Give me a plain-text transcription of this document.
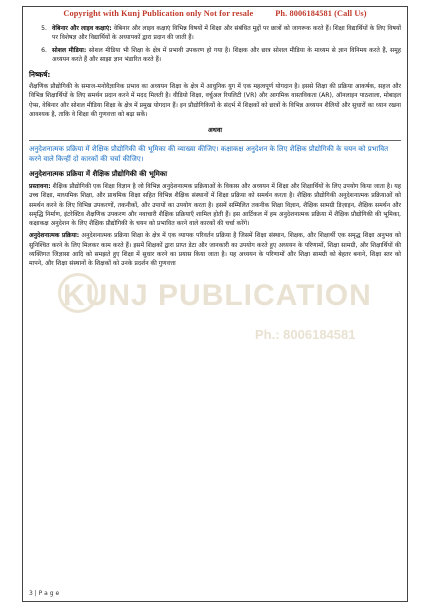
Copyright with Kunj Publication only Not for resale	Ph. 8006184581 (Call Us)
KUNJ PUBLICATION
Ph.: 8006184581
5. वेबिनार और लाइव कक्षाएं: वेबिनार और लाइव कक्षाएं विभिन्न विषयों में शिक्षा और संबंधित मुद्दों पर छात्रों को जागरूक करते हैं। शिक्षा विद्यार्थियों के लिए विषयों पर विशेषज्ञ और विद्यार्थियों के अध्यापकों द्वारा प्रदान की जाती हैं।
6. सोशल मीडिया: सोशल मीडिया भी शिक्षा के क्षेत्र में प्रभावी उपकरण हो गया है। शिक्षक और छात्र सोशल मीडिया के माध्यम से ज्ञान विनिमय करते हैं, समूह अध्ययन करते हैं और साझा ज्ञान भंडारित करते हैं।
निष्कर्ष:

शैक्षणिक प्रौद्योगिकी के समाज-मनोवैज्ञानिक प्रभाव का अध्ययन शिक्षा के क्षेत्र में आधुनिक युग में एक महत्वपूर्ण योगदान है। इससे शिक्षा की प्रक्रिया आकर्षक, सहज और विभिन्न शिक्षार्थियों के लिए समर्थन प्रदान करने में मदद मिलती है। वीडियो शिक्षा, वर्चुअल रियलिटी (VR) और आगमिक वास्तविकता (AR), ऑनलाइन पाठशाला, मोबाइल ऐप्स, वेबिनार और सोशल मीडिया शिक्षा के क्षेत्र में प्रमुख योगदान हैं। इन प्रौद्योगिकियों के संदर्भ में शिक्षकों को छात्रों के विभिन्न अध्ययन शैलियों और सुधारों का ध्यान रखना आवश्यक है, ताकि वे शिक्षा की गुणवत्ता को बढ़ा सकें।

अथवा
अनुदेशनात्मक प्रक्रिया में शैक्षिक प्रौद्योगिकी की भूमिका की व्याख्या कीजिए। कक्षाकक्ष अनुदेशन के लिए शैक्षिक प्रौद्योगिकी के चयन को प्रभावित करने वाले किन्हीं दो कारकों की चर्चा कीजिए।
अनुदेशनात्मक प्रक्रिया में शैक्षिक प्रौद्योगिकी की भूमिका

प्रस्तावना: शैक्षिक प्रौद्योगिकी एक शिक्षा विज्ञान है जो विभिन्न अनुदेशनात्मक प्रक्रियाओं के विकास और अध्ययन में शिक्षा और शिक्षार्थियों के लिए उपयोग किया जाता है। यह उच्च शिक्षा, माध्यमिक शिक्षा, और प्राथमिक शिक्षा सहित विभिन्न शैक्षिक संस्थानों में शिक्षा प्रक्रिया को समर्थन करता है। शैक्षिक प्रौद्योगिकी अनुदेशनात्मक प्रक्रियाओं को समर्थन करने के लिए विभिन्न उपकरणों, तकनीकों, और उपायों का उपयोग करता है। इसमें सम्मिलित तकनीक शिक्षा विज्ञान, शैक्षिक सामग्री डिज़ाइन, शैक्षिक समर्थन और समृद्धि निर्माण, इंटरेक्टिव शैक्षणिक उपकरण और नवाचारी शैक्षिक प्रक्रियाएँ शामिल होती हैं। इस आर्टिकल में हम अनुदेशनात्मक प्रक्रिया में शैक्षिक प्रौद्योगिकी की भूमिका, कक्षाकक्ष अनुदेशन के लिए शैक्षिक प्रौद्योगिकी के चयन को प्रभावित करने वाले कारकों की चर्चा करेंगे।

अनुदेशनात्मक प्रक्रिया: अनुदेशनात्मक प्रक्रिया शिक्षा के क्षेत्र में एक व्यापक परिवर्तन प्रक्रिया है जिसमें शिक्षा संस्थान, शिक्षक, और शिक्षार्थी एक समृद्ध शिक्षा अनुभव को सुनिश्चित करने के लिए मिलकर काम करते हैं। इसमें शिक्षकों द्वारा प्राप्त डेटा और जानकारी का उपयोग करते हुए अध्ययन के परिणामों, शिक्षा सामग्री, और शिक्षार्थियों की व्यक्तिगत जिज्ञासा आदि को समझते हुए शिक्षा में सुधार करने का प्रयास किया जाता है। यह अध्ययन के परिणामों और शिक्षा सामग्री को बेहतर बनाने, शिक्षा स्तर को मापने, और शिक्षा संस्थानों के शिक्षकों को उनके प्रदर्शन की गुणवत्ता

3 | P a g e
